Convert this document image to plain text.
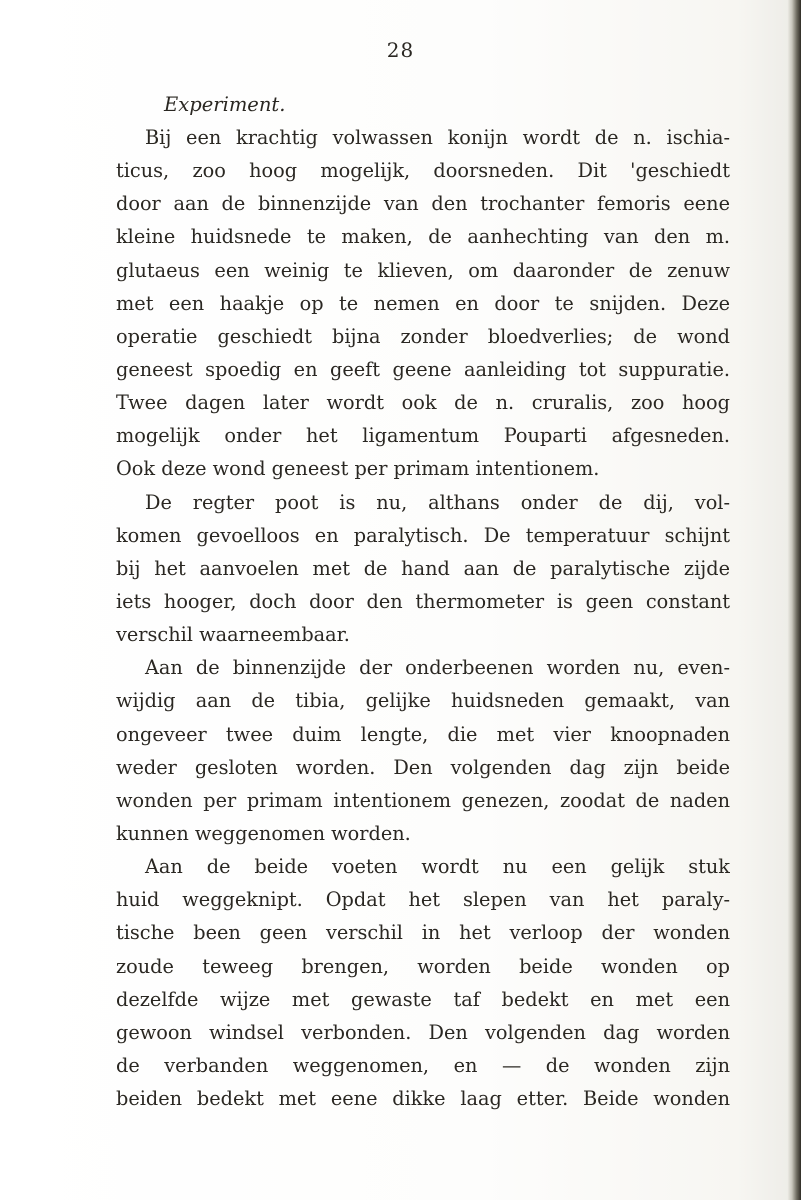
28
Experiment.
Bij een krachtig volwassen konijn wordt de n. ischia-
ticus, zoo hoog mogelijk, doorsneden. Dit 'geschiedt
door aan de binnenzijde van den trochanter femoris eene
kleine huidsnede te maken, de aanhechting van den m.
glutaeus een weinig te klieven, om daaronder de zenuw
met een haakje op te nemen en door te snijden. Deze
operatie geschiedt bijna zonder bloedverlies; de wond
geneest spoedig en geeft geene aanleiding tot suppuratie.
Twee dagen later wordt ook de n. cruralis, zoo hoog
mogelijk onder het ligamentum Pouparti afgesneden.
Ook deze wond geneest per primam intentionem.
De regter poot is nu, althans onder de dij, vol-
komen gevoelloos en paralytisch. De temperatuur schijnt
bij het aanvoelen met de hand aan de paralytische zijde
iets hooger, doch door den thermometer is geen constant
verschil waarneembaar.
Aan de binnenzijde der onderbeenen worden nu, even-
wijdig aan de tibia, gelijke huidsneden gemaakt, van
ongeveer twee duim lengte, die met vier knoopnaden
weder gesloten worden. Den volgenden dag zijn beide
wonden per primam intentionem genezen, zoodat de naden
kunnen weggenomen worden.
Aan de beide voeten wordt nu een gelijk stuk
huid weggeknipt. Opdat het slepen van het paraly-
tische been geen verschil in het verloop der wonden
zoude teweeg brengen, worden beide wonden op
dezelfde wijze met gewaste taf bedekt en met een
gewoon windsel verbonden. Den volgenden dag worden
de verbanden weggenomen, en — de wonden zijn
beiden bedekt met eene dikke laag etter. Beide wonden
